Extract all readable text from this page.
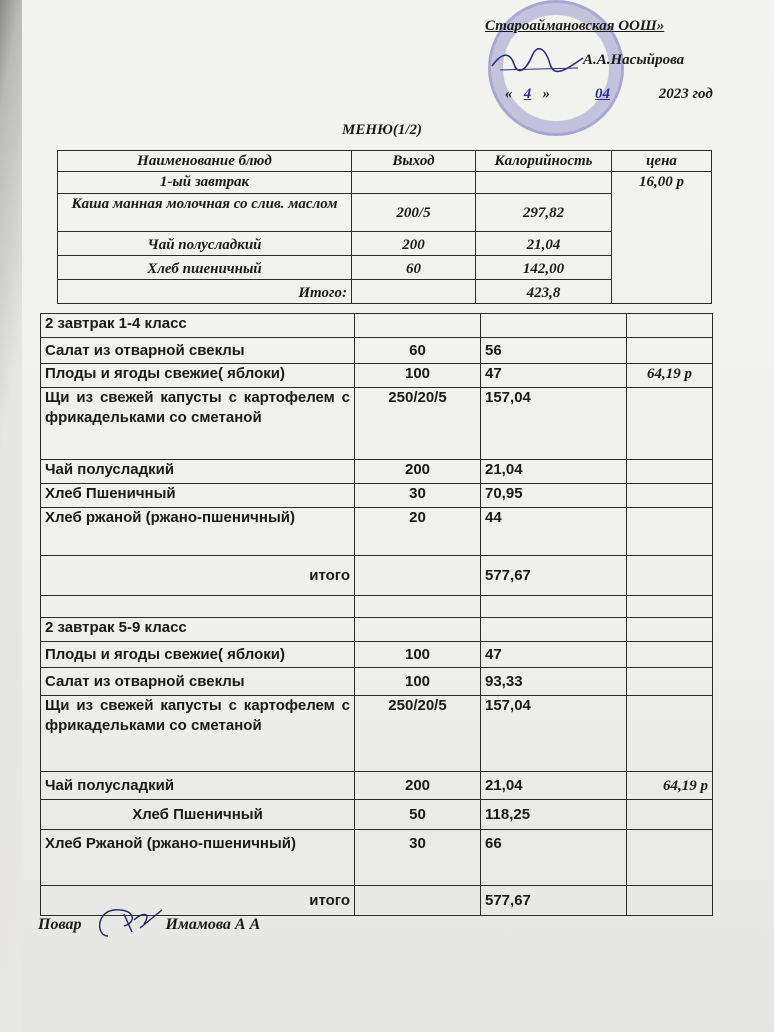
Староаймановская ООШ»
А.А.Насыйрова
« 4 »	04	2023 год
МЕНЮ(1/2)
Наименование блюд	Выход	Калорийность	цена
1-ый завтрак			16,00 р
Каша манная молочная со слив. маслом	200/5	297,82	
Чай полусладкий	200	21,04	
Хлеб пшеничный	60	142,00	
Итого:		423,8	
2 завтрак 1-4 класс			
Салат из отварной свеклы	60	56	
Плоды и ягоды свежие( яблоки)	100	47	64,19 р
Щи из свежей капусты с картофелем с фрикадельками со сметаной	250/20/5	157,04	
Чай полусладкий	200	21,04	
Хлеб Пшеничный	30	70,95	
Хлеб ржаной (ржано-пшеничный)	20	44	
итого		577,67	

2 завтрак 5-9 класс			
Плоды и ягоды свежие( яблоки)	100	47	
Салат из отварной свеклы	100	93,33	
Щи из свежей капусты с картофелем с фрикадельками со сметаной	250/20/5	157,04	
Чай полусладкий	200	21,04	64,19 р
Хлеб Пшеничный	50	118,25	
Хлеб Ржаной (ржано-пшеничный)	30	66	
итого		577,67	
Повар	Имамова А А
